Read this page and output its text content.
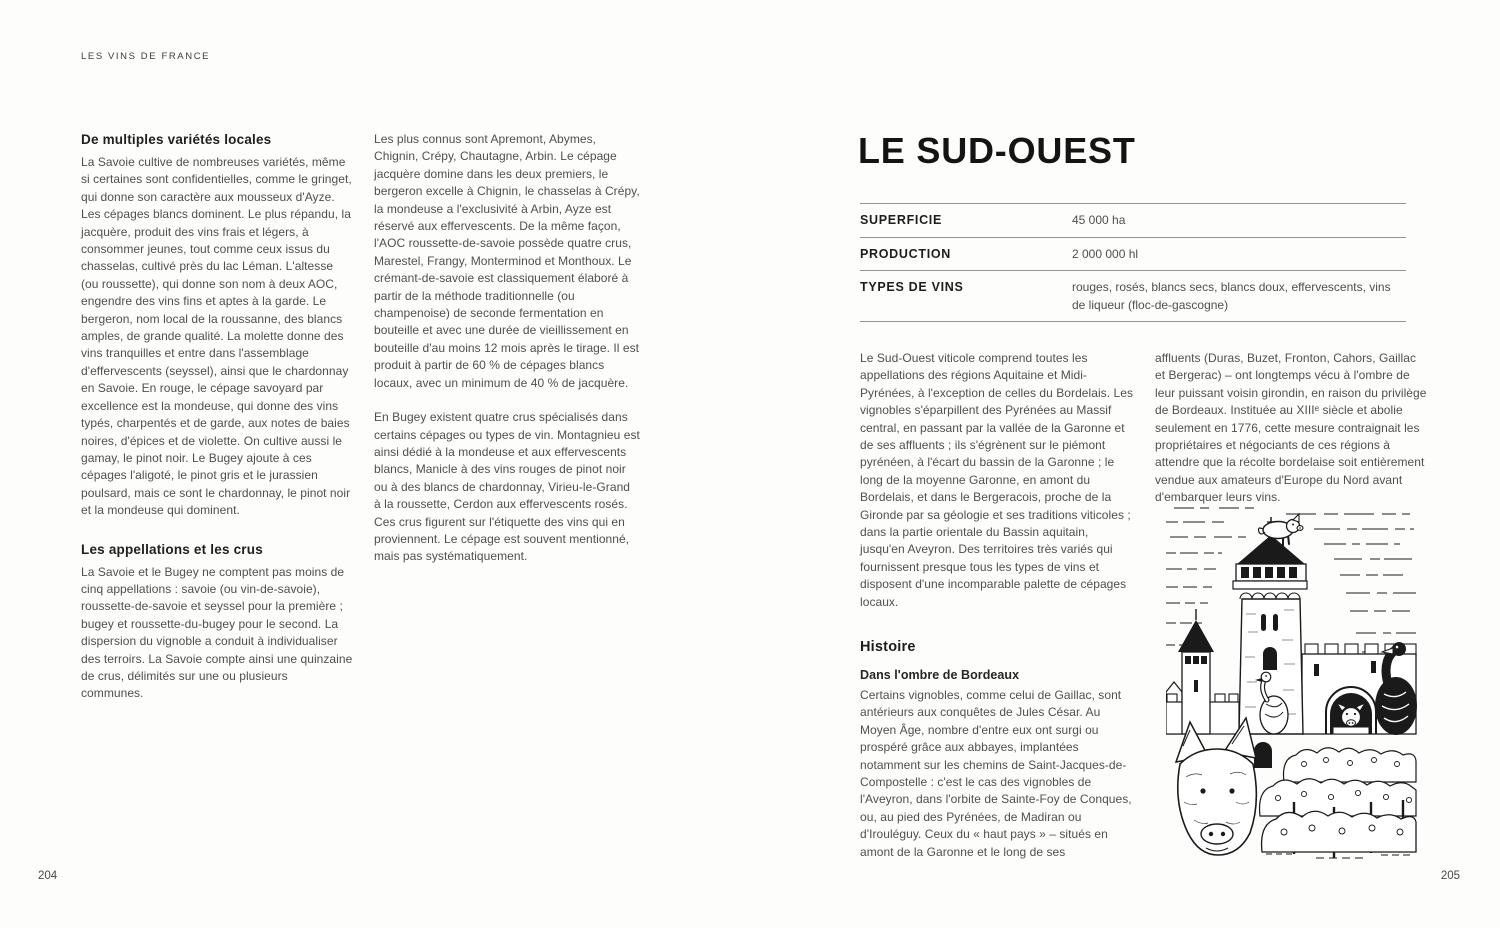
LES VINS DE FRANCE
De multiples variétés locales

La Savoie cultive de nombreuses variétés, même si certaines sont confidentielles, comme le gringet, qui donne son caractère aux mousseux d'Ayze. Les cépages blancs dominent. Le plus répandu, la jacquère, produit des vins frais et légers, à consommer jeunes, tout comme ceux issus du chasselas, cultivé près du lac Léman. L'altesse (ou roussette), qui donne son nom à deux AOC, engendre des vins fins et aptes à la garde. Le bergeron, nom local de la roussanne, des blancs amples, de grande qualité. La molette donne des vins tranquilles et entre dans l'assemblage d'effervescents (seyssel), ainsi que le chardonnay en Savoie. En rouge, le cépage savoyard par excellence est la mondeuse, qui donne des vins typés, charpentés et de garde, aux notes de baies noires, d'épices et de violette. On cultive aussi le gamay, le pinot noir. Le Bugey ajoute à ces cépages l'aligoté, le pinot gris et le jurassien poulsard, mais ce sont le chardonnay, le pinot noir et la mondeuse qui dominent.

Les appellations et les crus

La Savoie et le Bugey ne comptent pas moins de cinq appellations : savoie (ou vin-de-savoie), roussette-de-savoie et seyssel pour la première ; bugey et roussette-du-bugey pour le second. La dispersion du vignoble a conduit à individualiser des terroirs. La Savoie compte ainsi une quinzaine de crus, délimités sur une ou plusieurs communes.

Les plus connus sont Apremont, Abymes, Chignin, Crépy, Chautagne, Arbin. Le cépage jacquère domine dans les deux premiers, le bergeron excelle à Chignin, le chasselas à Crépy, la mondeuse a l'exclusivité à Arbin, Ayze est réservé aux effervescents. De la même façon, l'AOC roussette-de-savoie possède quatre crus, Marestel, Frangy, Monterminod et Monthoux. Le crémant-de-savoie est classiquement élaboré à partir de la méthode traditionnelle (ou champenoise) de seconde fermentation en bouteille et avec une durée de vieillissement en bouteille d'au moins 12 mois après le tirage. Il est produit à partir de 60 % de cépages blancs locaux, avec un minimum de 40 % de jacquère.

En Bugey existent quatre crus spécialisés dans certains cépages ou types de vin. Montagnieu est ainsi dédié à la mondeuse et aux effervescents blancs, Manicle à des vins rouges de pinot noir ou à des blancs de chardonnay, Virieu-le-Grand à la roussette, Cerdon aux effervescents rosés. Ces crus figurent sur l'étiquette des vins qui en proviennent. Le cépage est souvent mentionné, mais pas systématiquement.

LE SUD-OUEST
SUPERFICIE	45 000 ha
PRODUCTION	2 000 000 hl
TYPES DE VINS	rouges, rosés, blancs secs, blancs doux, effervescents, vins de liqueur (floc-de-gascogne)

Le Sud-Ouest viticole comprend toutes les appellations des régions Aquitaine et Midi-Pyrénées, à l'exception de celles du Bordelais. Les vignobles s'éparpillent des Pyrénées au Massif central, en passant par la vallée de la Garonne et de ses affluents ; ils s'égrènent sur le piémont pyrénéen, à l'écart du bassin de la Garonne ; le long de la moyenne Garonne, en amont du Bordelais, et dans le Bergeracois, proche de la Gironde par sa géologie et ses traditions viticoles ; dans la partie orientale du Bassin aquitain, jusqu'en Aveyron. Des territoires très variés qui fournissent presque tous les types de vins et disposent d'une incomparable palette de cépages locaux.

Histoire
Dans l'ombre de Bordeaux

Certains vignobles, comme celui de Gaillac, sont antérieurs aux conquêtes de Jules César. Au Moyen Âge, nombre d'entre eux ont surgi ou prospéré grâce aux abbayes, implantées notamment sur les chemins de Saint-Jacques-de-Compostelle : c'est le cas des vignobles de l'Aveyron, dans l'orbite de Sainte-Foy de Conques, ou, au pied des Pyrénées, de Madiran ou d'Irouléguy. Ceux du « haut pays » – situés en amont de la Garonne et le long de ses

affluents (Duras, Buzet, Fronton, Cahors, Gaillac et Bergerac) – ont longtemps vécu à l'ombre de leur puissant voisin girondin, en raison du privilège de Bordeaux. Instituée au XIIIᵉ siècle et abolie seulement en 1776, cette mesure contraignait les propriétaires et négociants de ces régions à attendre que la récolte bordelaise soit entièrement vendue aux amateurs d'Europe du Nord avant d'embarquer leurs vins.

204	205
